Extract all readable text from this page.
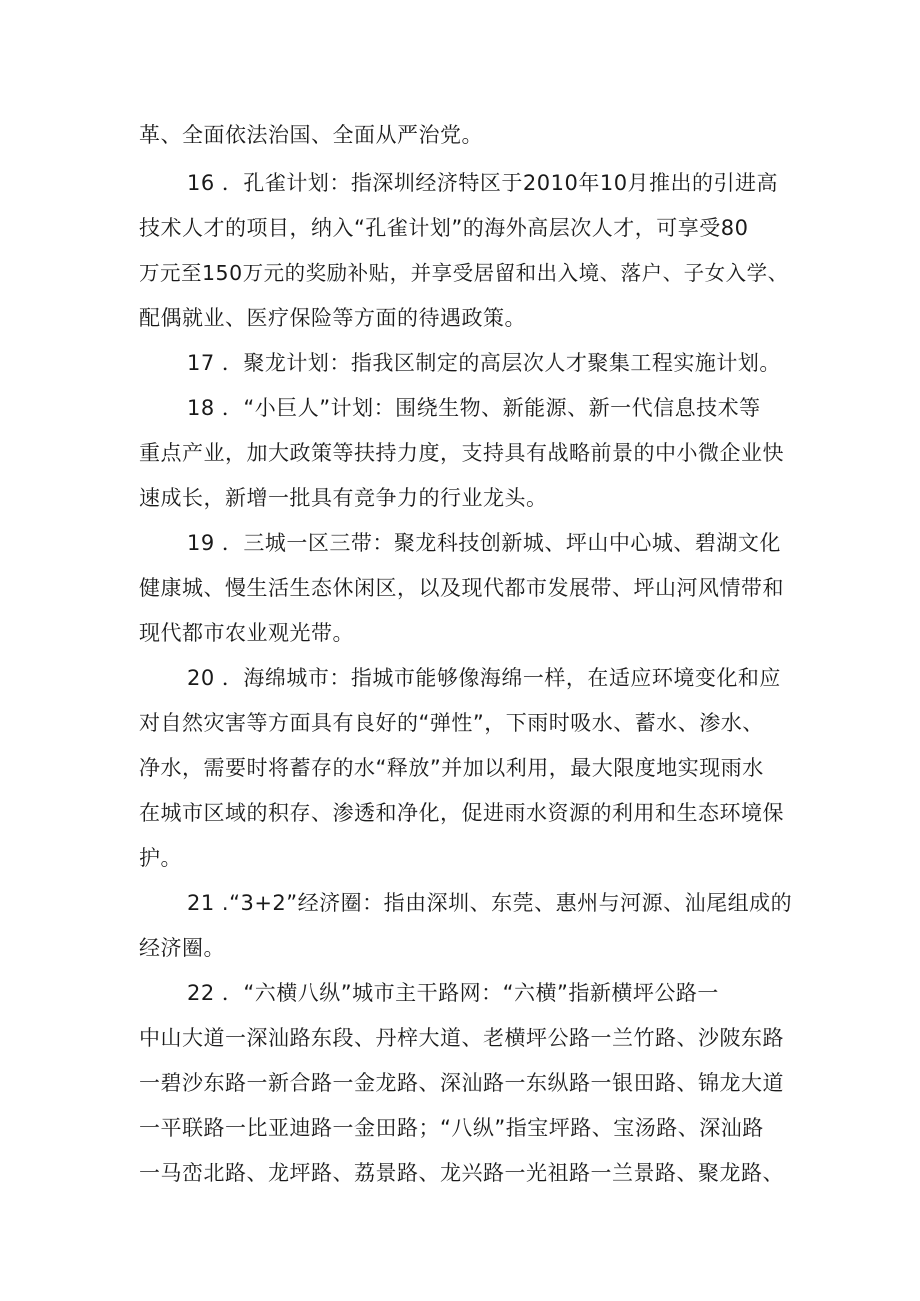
革、全面依法治国、全面从严治党。
16 ．孔雀计划：指深圳经济特区于2010年10月推出的引进高
技术人才的项目，纳入“孔雀计划”的海外高层次人才，可享受80
万元至150万元的奖励补贴，并享受居留和出入境、落户、子女入学、
配偶就业、医疗保险等方面的待遇政策。
17 ．聚龙计划：指我区制定的高层次人才聚集工程实施计划。
18 ．“小巨人”计划：围绕生物、新能源、新一代信息技术等
重点产业，加大政策等扶持力度，支持具有战略前景的中小微企业快
速成长，新增一批具有竞争力的行业龙头。
19 ．三城一区三带：聚龙科技创新城、坪山中心城、碧湖文化
健康城、慢生活生态休闲区，以及现代都市发展带、坪山河风情带和
现代都市农业观光带。
20 ．海绵城市：指城市能够像海绵一样，在适应环境变化和应
对自然灾害等方面具有良好的“弹性”，下雨时吸水、蓄水、渗水、
净水，需要时将蓄存的水“释放”并加以利用，最大限度地实现雨水
在城市区域的积存、渗透和净化，促进雨水资源的利用和生态环境保
护。
21 .“3+2”经济圈：指由深圳、东莞、惠州与河源、汕尾组成的
经济圈。
22 ．“六横八纵”城市主干路网：“六横”指新横坪公路一
中山大道一深汕路东段、丹梓大道、老横坪公路一兰竹路、沙陂东路
一碧沙东路一新合路一金龙路、深汕路一东纵路一银田路、锦龙大道
一平联路一比亚迪路一金田路；“八纵”指宝坪路、宝汤路、深汕路
一马峦北路、龙坪路、荔景路、龙兴路一光祖路一兰景路、聚龙路、
